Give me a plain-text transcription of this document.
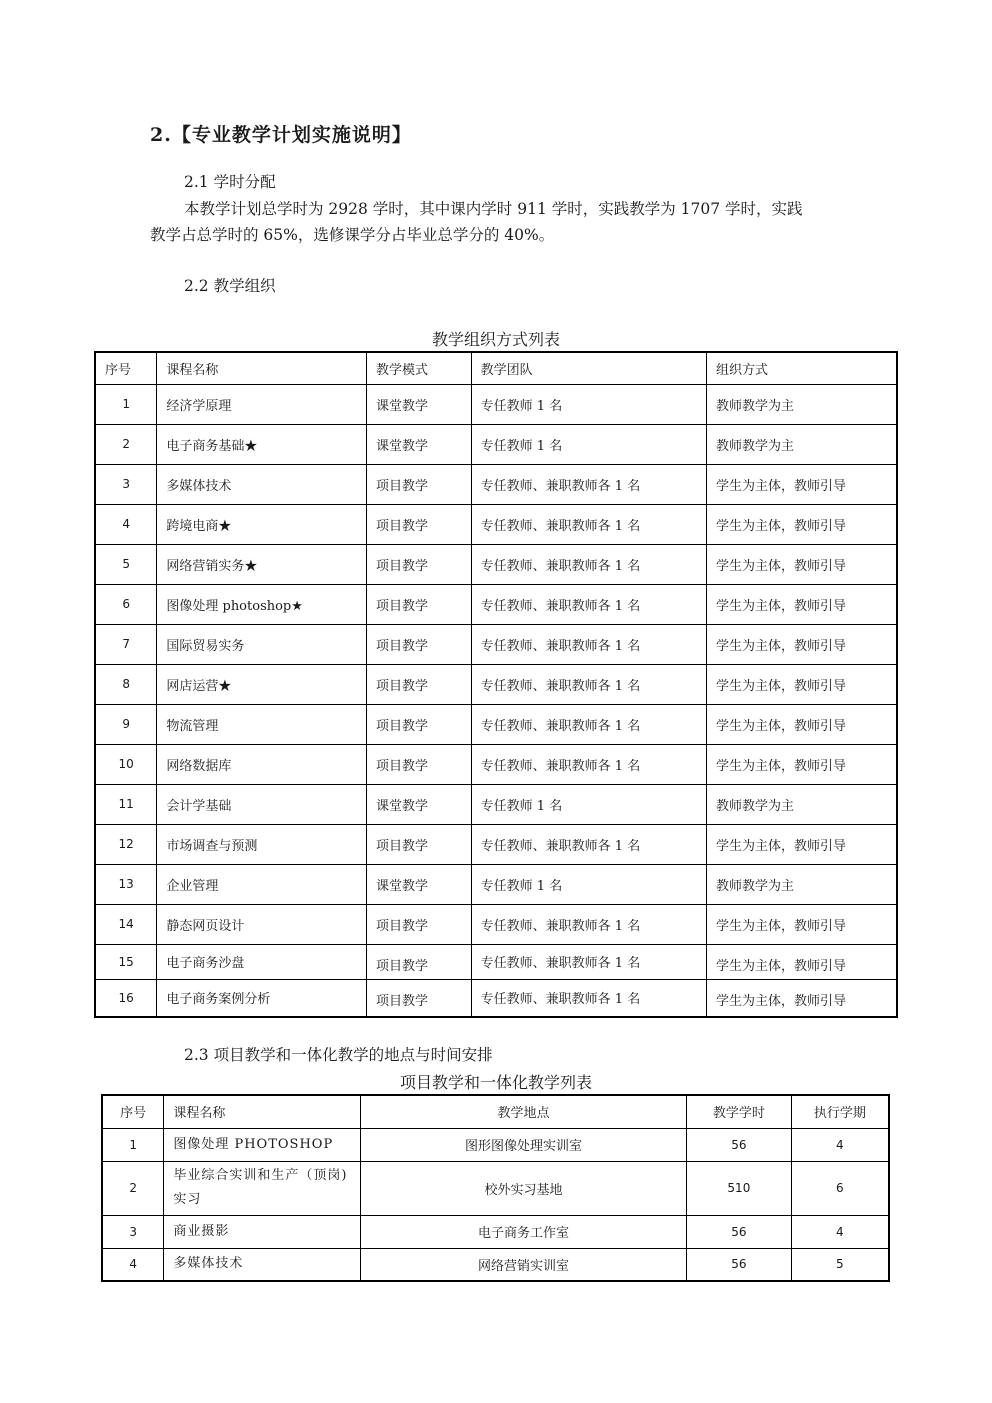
2.【专业教学计划实施说明】
2.1 学时分配
本教学计划总学时为 2928 学时，其中课内学时 911 学时，实践教学为 1707 学时，实践
教学占总学时的 65%，选修课学分占毕业总学分的 40%。
2.2 教学组织
教学组织方式列表
序号	课程名称	教学模式	教学团队	组织方式
1	经济学原理	课堂教学	专任教师 1 名	教师教学为主
2	电子商务基础★	课堂教学	专任教师 1 名	教师教学为主
3	多媒体技术	项目教学	专任教师、兼职教师各 1 名	学生为主体，教师引导
4	跨境电商★	项目教学	专任教师、兼职教师各 1 名	学生为主体，教师引导
5	网络营销实务★	项目教学	专任教师、兼职教师各 1 名	学生为主体，教师引导
6	图像处理 photoshop★	项目教学	专任教师、兼职教师各 1 名	学生为主体，教师引导
7	国际贸易实务	项目教学	专任教师、兼职教师各 1 名	学生为主体，教师引导
8	网店运营★	项目教学	专任教师、兼职教师各 1 名	学生为主体，教师引导
9	物流管理	项目教学	专任教师、兼职教师各 1 名	学生为主体，教师引导
10	网络数据库	项目教学	专任教师、兼职教师各 1 名	学生为主体，教师引导
11	会计学基础	课堂教学	专任教师 1 名	教师教学为主
12	市场调查与预测	项目教学	专任教师、兼职教师各 1 名	学生为主体，教师引导
13	企业管理	课堂教学	专任教师 1 名	教师教学为主
14	静态网页设计	项目教学	专任教师、兼职教师各 1 名	学生为主体，教师引导
15	电子商务沙盘	项目教学	专任教师、兼职教师各 1 名	学生为主体，教师引导
16	电子商务案例分析	项目教学	专任教师、兼职教师各 1 名	学生为主体，教师引导
2.3 项目教学和一体化教学的地点与时间安排
项目教学和一体化教学列表
序号	课程名称	教学地点	教学学时	执行学期
1	图像处理 PHOTOSHOP	图形图像处理实训室	56	4
2	毕业综合实训和生产（顶岗)实习	校外实习基地	510	6
3	商业摄影	电子商务工作室	56	4
4	多媒体技术	网络营销实训室	56	5
